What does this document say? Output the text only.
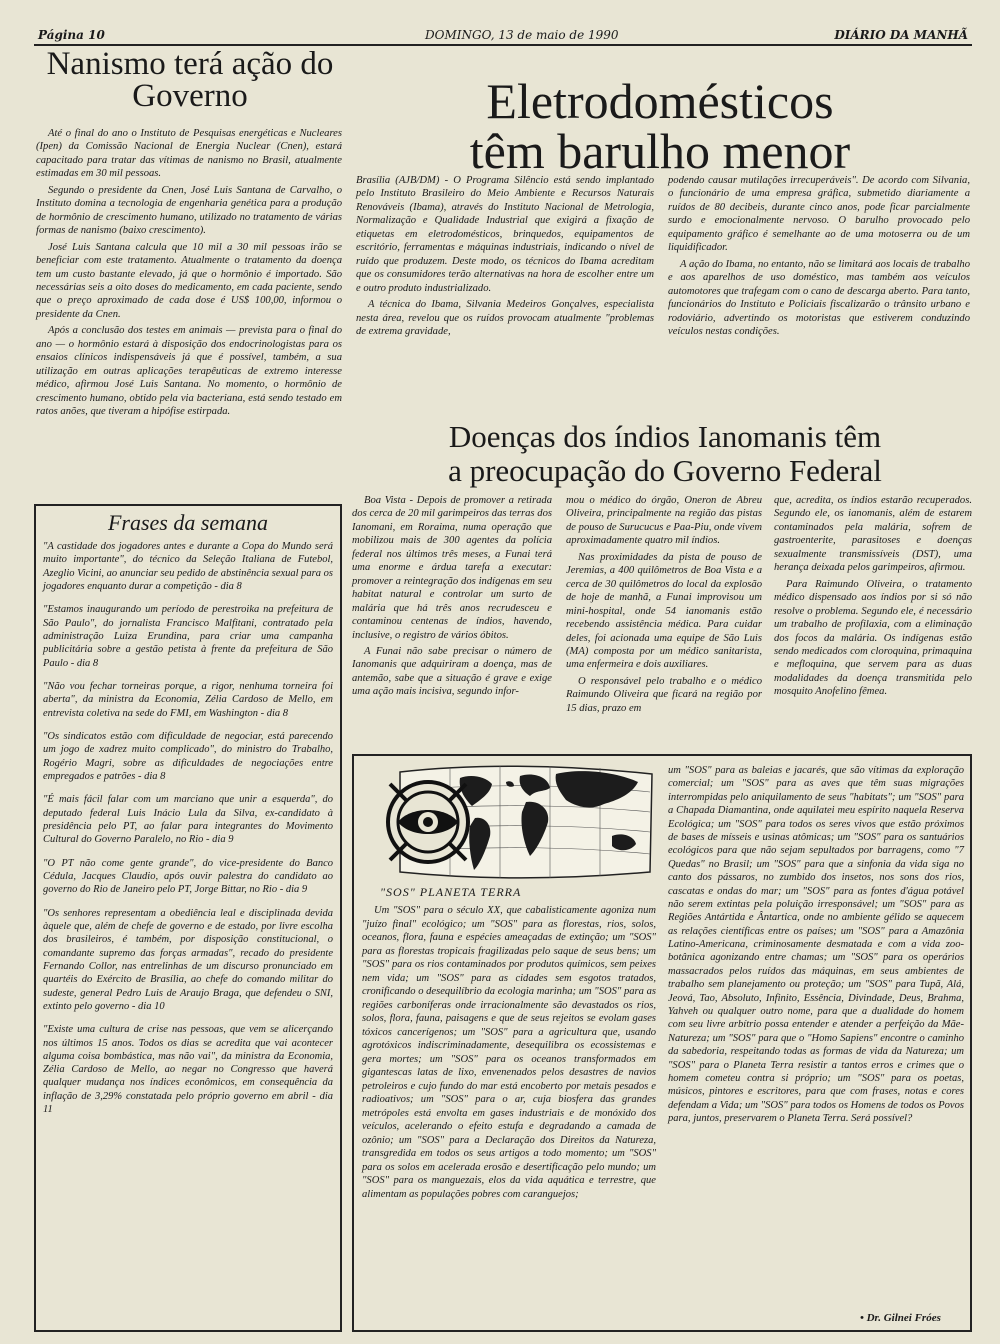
Página 10	DOMINGO, 13 de maio de 1990	DIÁRIO DA MANHÃ
Nanismo terá ação do Governo

Até o final do ano o Instituto de Pesquisas energéticas e Nucleares (Ipen) da Comissão Nacional de Energia Nuclear (Cnen), estará capacitado para tratar das vítimas de nanismo no Brasil, atualmente estimadas em 30 mil pessoas.

Segundo o presidente da Cnen, José Luis Santana de Carvalho, o Instituto domina a tecnologia de engenharia genética para a produção de hormônio de crescimento humano, utilizado no tratamento de várias formas de nanismo (baixo crescimento).

José Luis Santana calcula que 10 mil a 30 mil pessoas irão se beneficiar com este tratamento. Atualmente o tratamento da doença tem um custo bastante elevado, já que o hormônio é importado. São necessárias seis a oito doses do medicamento, em cada paciente, sendo que o preço aproximado de cada dose é US$ 100,00, informou o presidente da Cnen.

Após a conclusão dos testes em animais — prevista para o final do ano — o hormônio estará à disposição dos endocrinologistas para os ensaios clínicos indispensáveis já que é possível, também, a sua utilização em outras aplicações terapêuticas de extremo interesse médico, afirmou José Luis Santana. No momento, o hormônio de crescimento humano, obtido pela via bacteriana, está sendo testado em ratos anões, que tiveram a hipófise estirpada.

Frases da semana

"A castidade dos jogadores antes e durante a Copa do Mundo será muito importante", do técnico da Seleção Italiana de Futebol, Azeglio Vicini, ao anunciar seu pedido de abstinência sexual para os jogadores enquanto durar a competição - dia 8

"Estamos inaugurando um período de perestroika na prefeitura de São Paulo", do jornalista Francisco Malfitani, contratado pela administração Luiza Erundina, para criar uma campanha publicitária sobre a gestão petista à frente da prefeitura de São Paulo - dia 8

"Não vou fechar torneiras porque, a rigor, nenhuma torneira foi aberta", da ministra da Economia, Zélia Cardoso de Mello, em entrevista coletiva na sede do FMI, em Washington - dia 8

"Os sindicatos estão com dificuldade de negociar, está parecendo um jogo de xadrez muito complicado", do ministro do Trabalho, Rogério Magri, sobre as dificuldades de negociações entre empregados e patrões - dia 8

"É mais fácil falar com um marciano que unir a esquerda", do deputado federal Luis Inácio Lula da Silva, ex-candidato à presidência pelo PT, ao falar para integrantes do Movimento Cultural do Governo Paralelo, no Rio - dia 9

"O PT não come gente grande", do vice-presidente do Banco Cédula, Jacques Claudio, após ouvir palestra do candidato ao governo do Rio de Janeiro pelo PT, Jorge Bittar, no Rio - dia 9

"Os senhores representam a obediência leal e disciplinada devida àquele que, além de chefe de governo e de estado, por livre escolha dos brasileiros, é também, por disposição constitucional, o comandante supremo das forças armadas", recado do presidente Fernando Collor, nas entrelinhas de um discurso pronunciado em quartéis do Exército de Brasília, ao chefe do comando militar do sudeste, general Pedro Luis de Araujo Braga, que defendeu o SNI, extinto pelo governo - dia 10

"Existe uma cultura de crise nas pessoas, que vem se alicerçando nos últimos 15 anos. Todos os dias se acredita que vai acontecer alguma coisa bombástica, mas não vai", da ministra da Economia, Zélia Cardoso de Mello, ao negar no Congresso que haverá qualquer mudança nos índices econômicos, em consequência da inflação de 3,29% constatada pelo próprio governo em abril - dia 11

Eletrodomésticos
têm barulho menor

Brasília (AJB/DM) - O Programa Silêncio está sendo implantado pelo Instituto Brasileiro do Meio Ambiente e Recursos Naturais Renováveis (Ibama), através do Instituto Nacional de Metrologia, Normalização e Qualidade Industrial que exigirá a fixação de etiquetas em eletrodomésticos, brinquedos, equipamentos de escritório, ferramentas e máquinas industriais, indicando o nível de ruído que produzem. Deste modo, os técnicos do Ibama acreditam que os consumidores terão alternativas na hora de escolher entre um e outro produto industrializado.

A técnica do Ibama, Silvania Medeiros Gonçalves, especialista nesta área, revelou que os ruídos provocam atualmente "problemas de extrema gravidade,

podendo causar mutilações irrecuperáveis". De acordo com Silvania, o funcionário de uma empresa gráfica, submetido diariamente a ruídos de 80 decibeis, durante cinco anos, pode ficar parcialmente surdo e emocionalmente nervoso. O barulho provocado pelo equipamento gráfico é semelhante ao de uma motoserra ou de um liquidificador.

A ação do Ibama, no entanto, não se limitará aos locais de trabalho e aos aparelhos de uso doméstico, mas também aos veículos automotores que trafegam com o cano de descarga aberto. Para tanto, funcionários do Instituto e Policiais fiscalizarão o trânsito urbano e rodoviário, advertindo os motoristas que estiverem conduzindo veículos nestas condições.

Doenças dos índios Ianomanis têm
a preocupação do Governo Federal

Boa Vista - Depois de promover a retirada dos cerca de 20 mil garimpeiros das terras dos Ianomani, em Roraima, numa operação que mobilizou mais de 300 agentes da polícia federal nos últimos três meses, a Funai terá uma enorme e árdua tarefa a executar: promover a reintegração dos indígenas em seu habitat natural e controlar um surto de malária que há três anos recrudesceu e contaminou centenas de índios, havendo, inclusive, o registro de vários óbitos.

A Funai não sabe precisar o número de Ianomanis que adquiriram a doença, mas de antemão, sabe que a situação é grave e exige uma ação mais incisiva, segundo infor-

mou o médico do órgão, Oneron de Abreu Oliveira, principalmente na região das pistas de pouso de Surucucus e Paa-Piu, onde vivem aproximadamente quatro mil índios.

Nas proximidades da pista de pouso de Jeremias, a 400 quilômetros de Boa Vista e a cerca de 30 quilômetros do local da explosão de hoje de manhã, a Funai improvisou um mini-hospital, onde 54 ianomanis estão recebendo assistência médica. Para cuidar deles, foi acionada uma equipe de São Luis (MA) composta por um médico sanitarista, uma enfermeira e dois auxiliares.

O responsável pelo trabalho e o médico Raimundo Oliveira que ficará na região por 15 dias, prazo em

que, acredita, os índios estarão recuperados. Segundo ele, os ianomanis, além de estarem contaminados pela malária, sofrem de gastroenterite, parasitoses e doenças sexualmente transmissíveis (DST), uma herança deixada pelos garimpeiros, afirmou.

Para Raimundo Oliveira, o tratamento médico dispensado aos índios por si só não resolve o problema. Segundo ele, é necessário um trabalho de profilaxia, com a eliminação dos focos da malária. Os indígenas estão sendo medicados com cloroquina, primaquina e mefloquina, que servem para as duas modalidades da doença transmitida pelo mosquito Anofelino fêmea.

"SOS" PLANETA TERRA

Um "SOS" para o século XX, que cabalisticamente agoniza num "juízo final" ecológico; um "SOS" para as florestas, rios, solos, oceanos, flora, fauna e espécies ameaçadas de extinção; um "SOS" para as florestas tropicais fragilizadas pelo saque de seus bens; um "SOS" para os rios contaminados por produtos químicos, sem peixes nem vida; um "SOS" para as cidades sem esgotos tratados, cronificando o desequilíbrio da ecologia marinha; um "SOS" para as regiões carboníferas onde irracionalmente são devastados os rios, solos, flora, fauna, paisagens e que de seus rejeitos se evolam gases tóxicos cancerígenos; um "SOS" para a agricultura que, usando agrotóxicos indiscriminadamente, desequilibra os ecossistemas e gera mortes; um "SOS" para os oceanos transformados em gigantescas latas de lixo, envenenados pelos desastres de navios petroleiros e cujo fundo do mar está encoberto por metais pesados e radioativos; um "SOS" para o ar, cuja biosfera das grandes metrópoles está envolta em gases industriais e de monóxido dos veículos, acelerando o efeito estufa e degradando a camada de ozônio; um "SOS" para a Declaração dos Direitos da Natureza, transgredida em todos os seus artigos a todo momento; um "SOS" para os solos em acelerada erosão e desertificação pelo mundo; um "SOS" para os manguezais, elos da vida aquática e terrestre, que alimentam as populações pobres com caranguejos;

um "SOS" para as baleias e jacarés, que são vítimas da exploração comercial; um "SOS" para as aves que têm suas migrações interrompidas pelo aniquilamento de seus "habitats"; um "SOS" para a Chapada Diamantina, onde aquilatei meu espírito naquela Reserva Ecológica; um "SOS" para todos os seres vivos que estão próximos de bases de mísseis e usinas atômicas; um "SOS" para os santuários ecológicos para que não sejam sepultados por barragens, como "7 Quedas" no Brasil; um "SOS" para que a sinfonia da vida siga no canto dos pássaros, no zumbido dos insetos, nos sons dos rios, cascatas e ondas do mar; um "SOS" para as fontes d'água potável não serem extintas pela poluição irresponsável; um "SOS" para as Regiões Antártida e Ântartica, onde no ambiente gélido se aquecem as relações científicas entre os países; um "SOS" para a Amazônia Latino-Americana, criminosamente desmatada e com a vida zoo-botânica agonizando entre chamas; um "SOS" para os operários massacrados pelos ruídos das máquinas, em seus ambientes de trabalho sem planejamento ou proteção; um "SOS" para Tupã, Alá, Jeová, Tao, Absoluto, Infinito, Essência, Divindade, Deus, Brahma, Yahveh ou qualquer outro nome, para que a dualidade do homem com seu livre arbítrio possa entender e atender a perfeição da Mãe-Natureza; um "SOS" para que o "Homo Sapiens" encontre o caminho da sabedoria, respeitando todas as formas de vida da Natureza; um "SOS" para o Planeta Terra resistir a tantos erros e crimes que o homem cometeu contra si próprio; um "SOS" para os poetas, músicos, pintores e escritores, para que com frases, notas e cores defendam a Vida; um "SOS" para todos os Homens de todos os Povos para, juntos, preservarem o Planeta Terra. Será possível?

• Dr. Gilnei Fróes
